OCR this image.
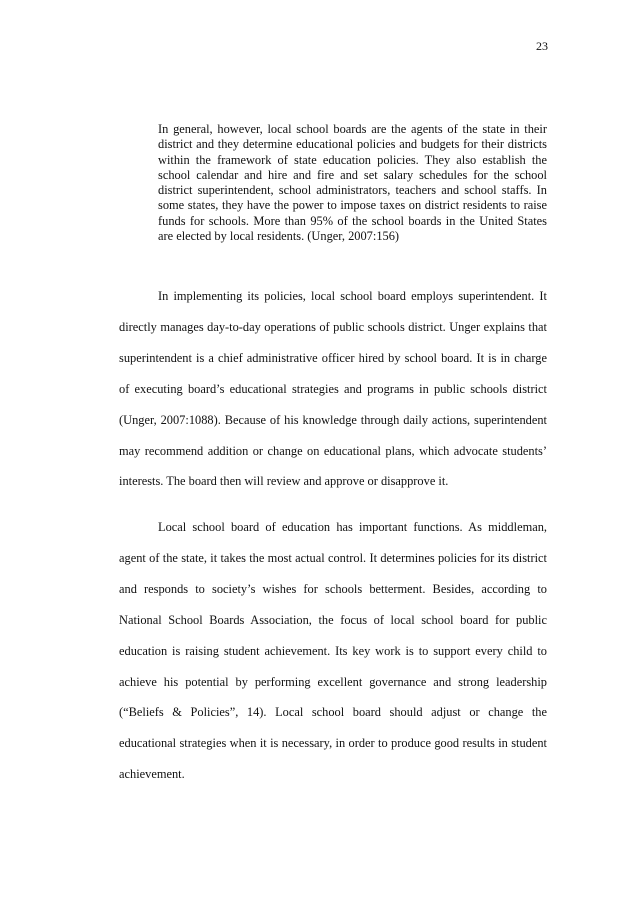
23

In general, however, local school boards are the agents of the state in their district and they determine educational policies and budgets for their districts within the framework of state education policies. They also establish the school calendar and hire and fire and set salary schedules for the school district superintendent, school administrators, teachers and school staffs. In some states, they have the power to impose taxes on district residents to raise funds for schools. More than 95% of the school boards in the United States are elected by local residents. (Unger, 2007:156)

In implementing its policies, local school board employs superintendent. It directly manages day-to-day operations of public schools district. Unger explains that superintendent is a chief administrative officer hired by school board. It is in charge of executing board’s educational strategies and programs in public schools district (Unger, 2007:1088). Because of his knowledge through daily actions, superintendent may recommend addition or change on educational plans, which advocate students’ interests. The board then will review and approve or disapprove it.

Local school board of education has important functions. As middleman, agent of the state, it takes the most actual control. It determines policies for its district and responds to society’s wishes for schools betterment. Besides, according to National School Boards Association, the focus of local school board for public education is raising student achievement. Its key work is to support every child to achieve his potential by performing excellent governance and strong leadership (“Beliefs & Policies”, 14). Local school board should adjust or change the educational strategies when it is necessary, in order to produce good results in student achievement.
